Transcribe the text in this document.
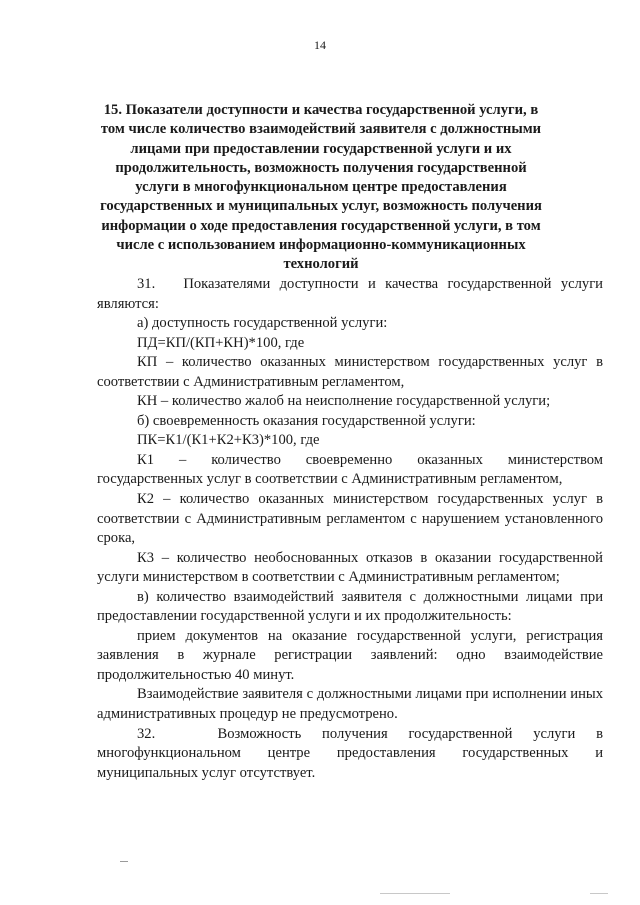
14
15. Показатели доступности и качества государственной услуги, в том числе количество взаимодействий заявителя с должностными лицами при предоставлении государственной услуги и их продолжительность, возможность получения государственной услуги в многофункциональном центре предоставления государственных и муниципальных услуг, возможность получения информации о ходе предоставления государственной услуги, в том числе с использованием информационно-коммуникационных технологий

31.   Показателями доступности и качества государственной услуги являются:

а) доступность государственной услуги:

ПД=КП/(КП+КН)*100, где

КП – количество оказанных министерством государственных услуг в соответствии с Административным регламентом,

КН – количество жалоб на неисполнение государственной услуги;

б) своевременность оказания государственной услуги:

ПК=К1/(К1+К2+К3)*100, где

К1 – количество своевременно оказанных министерством государственных услуг в соответствии с Административным регламентом,

К2 – количество оказанных министерством государственных услуг в соответствии с Административным регламентом с нарушением установленного срока,

К3 – количество необоснованных отказов в оказании государственной услуги министерством в соответствии с Административным регламентом;

в) количество взаимодействий заявителя с должностными лицами при предоставлении государственной услуги и их продолжительность:

прием документов на оказание государственной услуги, регистрация заявления в журнале регистрации заявлений: одно взаимодействие продолжительностью 40 минут.

Взаимодействие заявителя с должностными лицами при исполнении иных административных процедур не предусмотрено.

32.   Возможность получения государственной услуги в многофункциональном центре предоставления государственных и муниципальных услуг отсутствует.
